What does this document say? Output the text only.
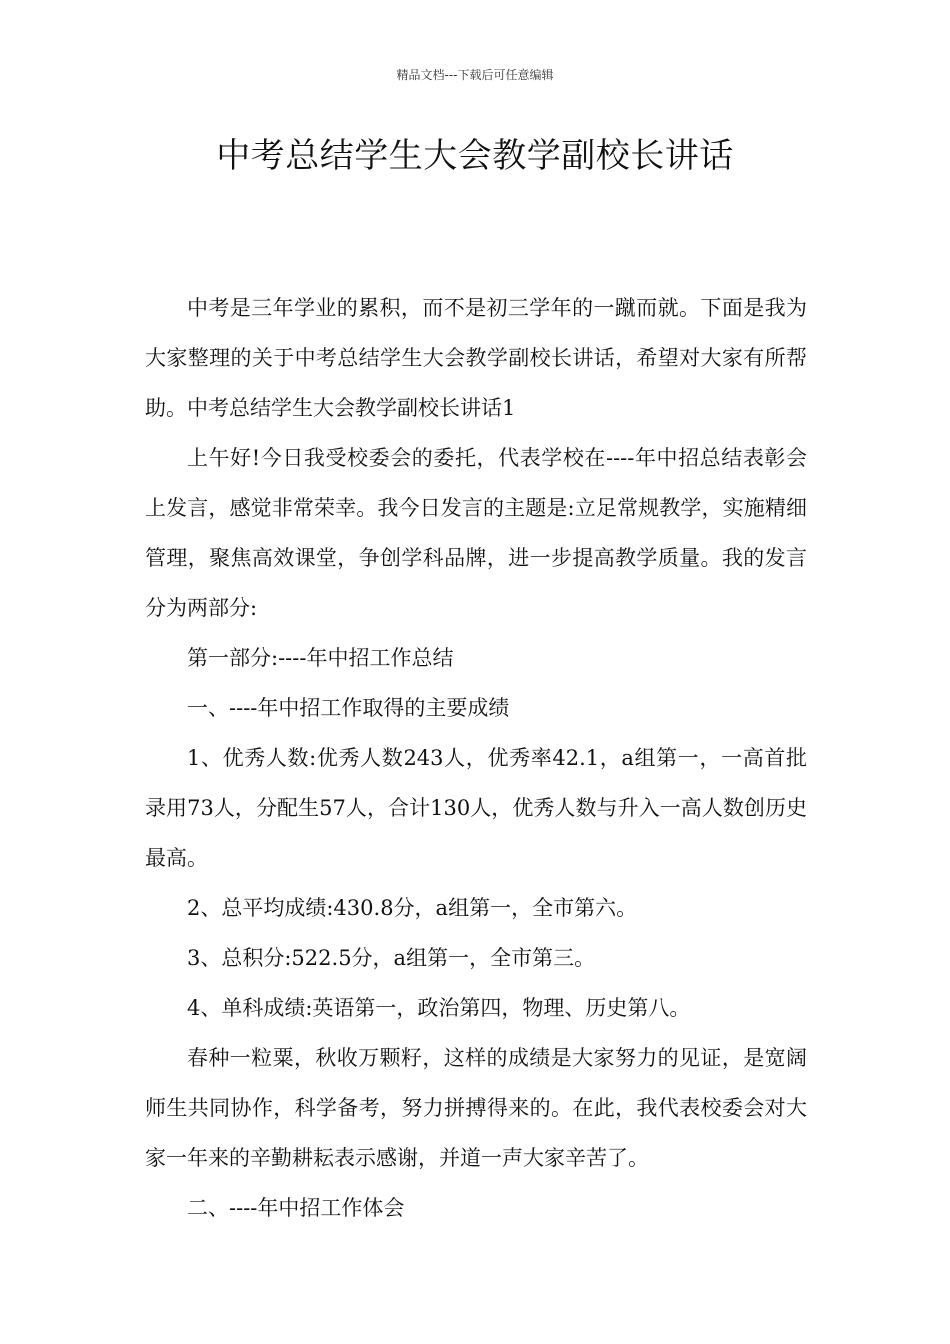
精品文档---下载后可任意编辑
中考总结学生大会教学副校长讲话

中考是三年学业的累积，而不是初三学年的一蹴而就。下面是我为大家整理的关于中考总结学生大会教学副校长讲话，希望对大家有所帮助。中考总结学生大会教学副校长讲话1

上午好!今日我受校委会的委托，代表学校在----年中招总结表彰会上发言，感觉非常荣幸。我今日发言的主题是:立足常规教学，实施精细管理，聚焦高效课堂，争创学科品牌，进一步提高教学质量。我的发言分为两部分:

第一部分:----年中招工作总结

一、----年中招工作取得的主要成绩

1、优秀人数:优秀人数243人，优秀率42.1，a组第一，一高首批录用73人，分配生57人，合计130人，优秀人数与升入一高人数创历史最高。

2、总平均成绩:430.8分，a组第一，全市第六。

3、总积分:522.5分，a组第一，全市第三。

4、单科成绩:英语第一，政治第四，物理、历史第八。

春种一粒粟，秋收万颗籽，这样的成绩是大家努力的见证，是宽阔师生共同协作，科学备考，努力拼搏得来的。在此，我代表校委会对大家一年来的辛勤耕耘表示感谢，并道一声大家辛苦了。

二、----年中招工作体会
